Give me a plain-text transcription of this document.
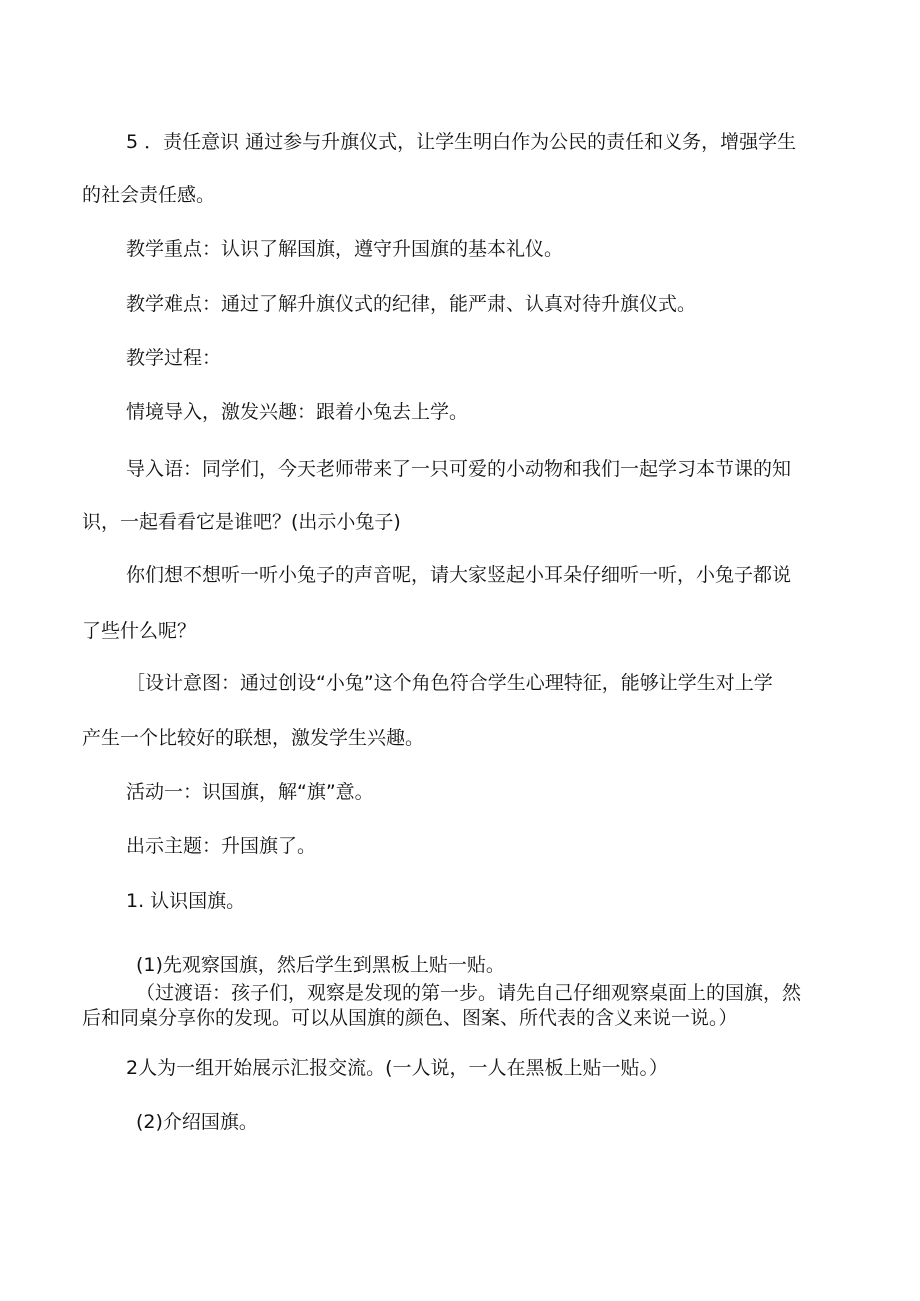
5 ．责任意识 通过参与升旗仪式，让学生明白作为公民的责任和义务，增强学生
的社会责任感。
教学重点：认识了解国旗，遵守升国旗的基本礼仪。
教学难点：通过了解升旗仪式的纪律，能严肃、认真对待升旗仪式。
教学过程：
情境导入，激发兴趣：跟着小兔去上学。
导入语：同学们，今天老师带来了一只可爱的小动物和我们一起学习本节课的知
识，一起看看它是谁吧？(出示小兔子)
你们想不想听一听小兔子的声音呢，请大家竖起小耳朵仔细听一听，小兔子都说
了些什么呢？
［设计意图：通过创设“小兔”这个角色符合学生心理特征，能够让学生对上学
产生一个比较好的联想，激发学生兴趣。
活动一：识国旗，解“旗”意。
出示主题：升国旗了。
1. 认识国旗。
(1)先观察国旗，然后学生到黑板上贴一贴。
（过渡语：孩子们，观察是发现的第一步。请先自己仔细观察桌面上的国旗，然
后和同桌分享你的发现。可以从国旗的颜色、图案、所代表的含义来说一说。）
2人为一组开始展示汇报交流。(一人说，一人在黑板上贴一贴。）
(2)介绍国旗。
